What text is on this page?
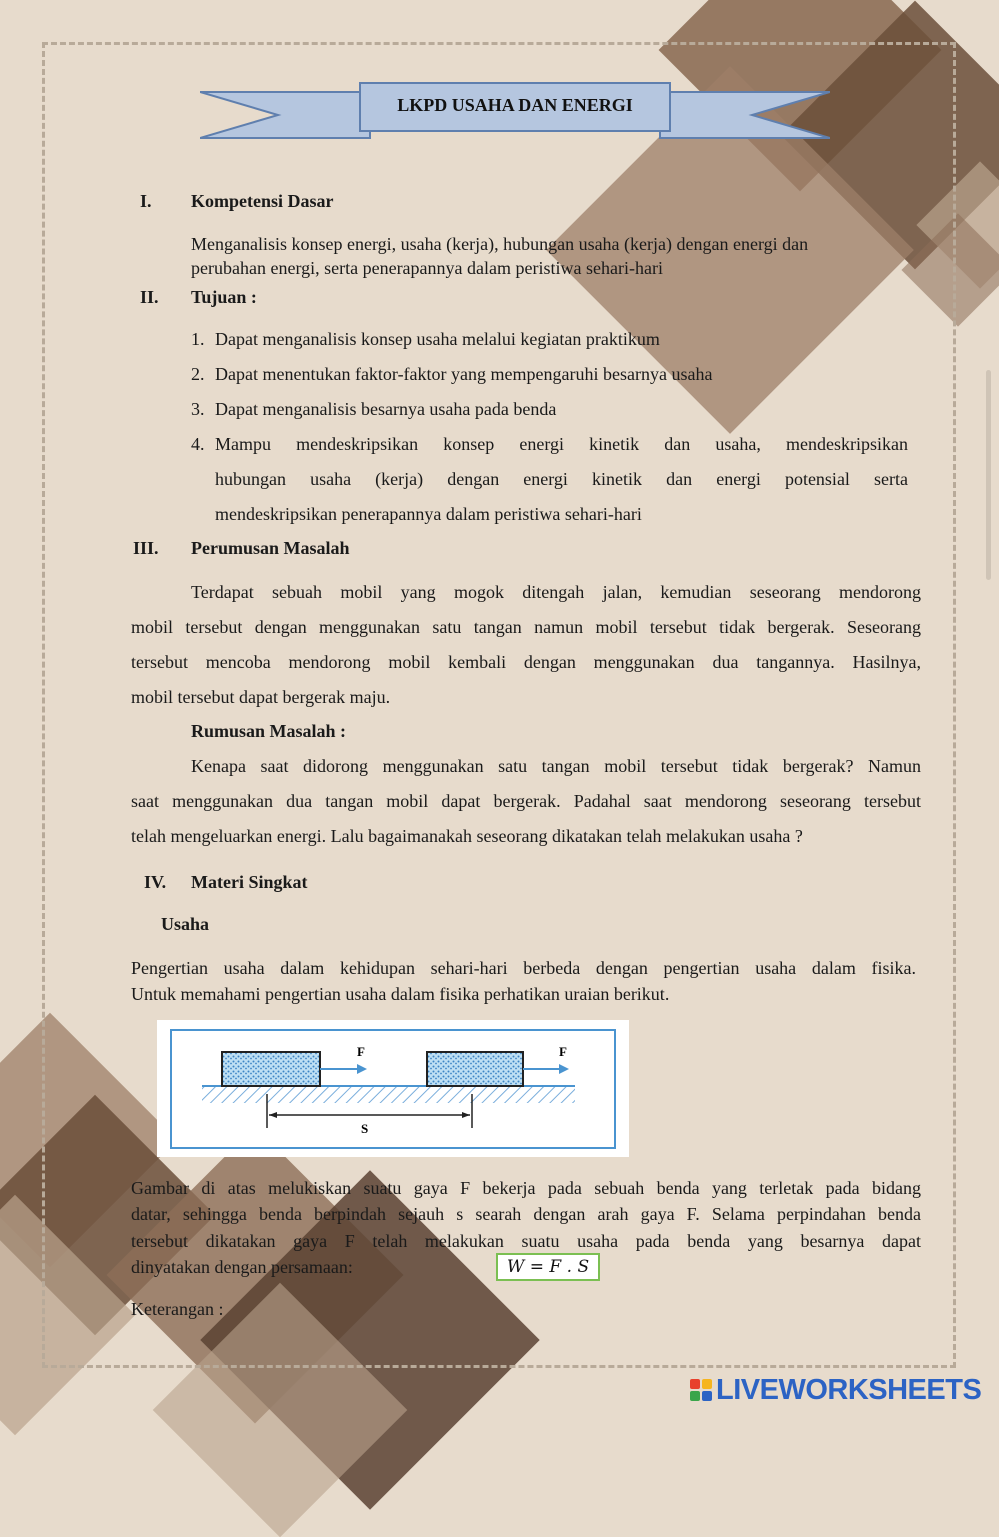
LKPD USAHA DAN ENERGI
I. Kompetensi Dasar
Menganalisis konsep energi, usaha (kerja), hubungan usaha (kerja) dengan energi dan
perubahan energi, serta penerapannya dalam peristiwa sehari-hari
II. Tujuan :
1. Dapat menganalisis konsep usaha melalui kegiatan praktikum
2. Dapat menentukan faktor-faktor yang mempengaruhi besarnya usaha
3. Dapat menganalisis besarnya usaha pada benda
4. Mampu mendeskripsikan konsep energi kinetik dan usaha, mendeskripsikan
hubungan usaha (kerja) dengan energi kinetik dan energi potensial serta
mendeskripsikan penerapannya dalam peristiwa sehari-hari
III. Perumusan Masalah
Terdapat sebuah mobil yang mogok ditengah jalan, kemudian seseorang mendorong
mobil tersebut dengan menggunakan satu tangan namun mobil tersebut tidak bergerak. Seseorang
tersebut mencoba mendorong mobil kembali dengan menggunakan dua tangannya. Hasilnya,
mobil tersebut dapat bergerak maju.
Rumusan Masalah :
Kenapa saat didorong menggunakan satu tangan mobil tersebut tidak bergerak? Namun
saat menggunakan dua tangan mobil dapat bergerak. Padahal saat mendorong seseorang tersebut
telah mengeluarkan energi. Lalu bagaimanakah seseorang dikatakan telah melakukan usaha ?
IV. Materi Singkat
Usaha
Pengertian usaha dalam kehidupan sehari-hari berbeda dengan pengertian usaha dalam fisika.
Untuk memahami pengertian usaha dalam fisika perhatikan uraian berikut.
F	F
S
Gambar di atas melukiskan suatu gaya F bekerja pada sebuah benda yang terletak pada bidang
datar, sehingga benda berpindah sejauh s searah dengan arah gaya F. Selama perpindahan benda
tersebut dikatakan gaya F telah melakukan suatu usaha pada benda yang besarnya dapat
dinyatakan dengan persamaan:	W = F . S
Keterangan :
LIVEWORKSHEETS
